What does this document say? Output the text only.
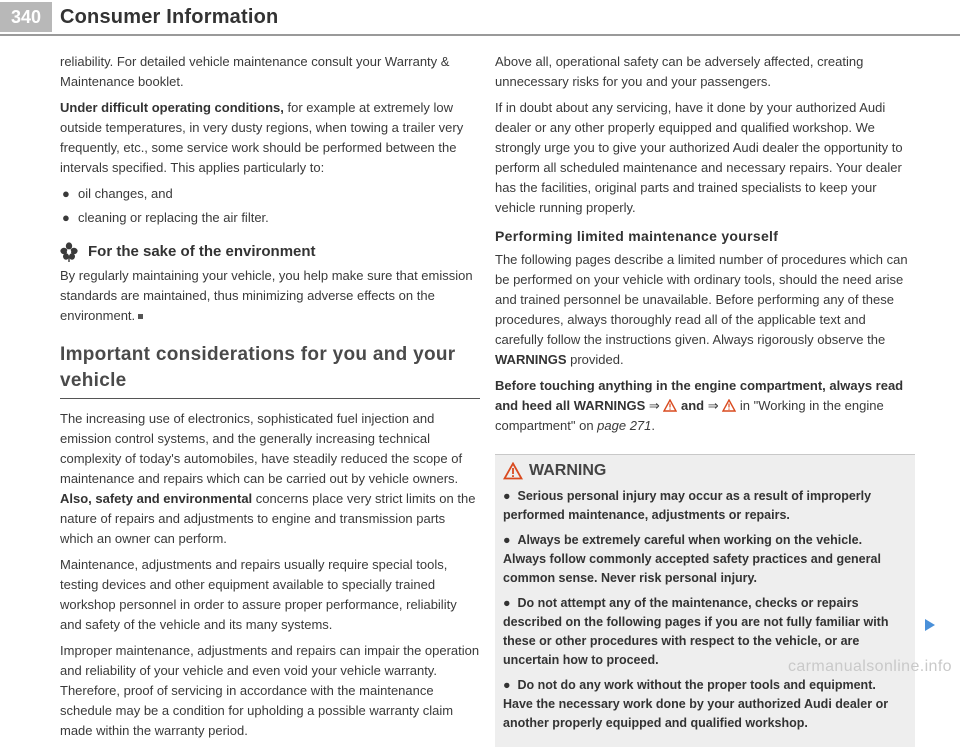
340 Consumer Information

reliability. For detailed vehicle maintenance consult your Warranty & Maintenance booklet.

Under difficult operating conditions, for example at extremely low outside temperatures, in very dusty regions, when towing a trailer very frequently, etc., some service work should be performed between the intervals specified. This applies particularly to:

● oil changes, and
● cleaning or replacing the air filter.
For the sake of the environment

By regularly maintaining your vehicle, you help make sure that emission standards are maintained, thus minimizing adverse effects on the environment.

Important considerations for you and your vehicle

The increasing use of electronics, sophisticated fuel injection and emission control systems, and the generally increasing technical complexity of today's automobiles, have steadily reduced the scope of maintenance and repairs which can be carried out by vehicle owners. Also, safety and environmental concerns place very strict limits on the nature of repairs and adjustments to engine and transmission parts which an owner can perform.

Maintenance, adjustments and repairs usually require special tools, testing devices and other equipment available to specially trained workshop personnel in order to assure proper performance, reliability and safety of the vehicle and its many systems.

Improper maintenance, adjustments and repairs can impair the operation and reliability of your vehicle and even void your vehicle warranty. Therefore, proof of servicing in accordance with the maintenance schedule may be a condition for upholding a possible warranty claim made within the warranty period.

Above all, operational safety can be adversely affected, creating unnecessary risks for you and your passengers.

If in doubt about any servicing, have it done by your authorized Audi dealer or any other properly equipped and qualified workshop. We strongly urge you to give your authorized Audi dealer the opportunity to perform all scheduled maintenance and necessary repairs. Your dealer has the facilities, original parts and trained specialists to keep your vehicle running properly.

Performing limited maintenance yourself

The following pages describe a limited number of procedures which can be performed on your vehicle with ordinary tools, should the need arise and trained personnel be unavailable. Before performing any of these procedures, always thoroughly read all of the applicable text and carefully follow the instructions given. Always rigorously observe the WARNINGS provided.

Before touching anything in the engine compartment, always read and heed all WARNINGS ⇒  and ⇒  in "Working in the engine compartment" on page 271.

WARNING
●  Serious personal injury may occur as a result of improperly performed maintenance, adjustments or repairs.
●  Always be extremely careful when working on the vehicle. Always follow commonly accepted safety practices and general common sense. Never risk personal injury.
●  Do not attempt any of the maintenance, checks or repairs described on the following pages if you are not fully familiar with these or other procedures with respect to the vehicle, or are uncertain how to proceed.
●  Do not do any work without the proper tools and equipment. Have the necessary work done by your authorized Audi dealer or another properly equipped and qualified workshop.
carmanualsonline.info
